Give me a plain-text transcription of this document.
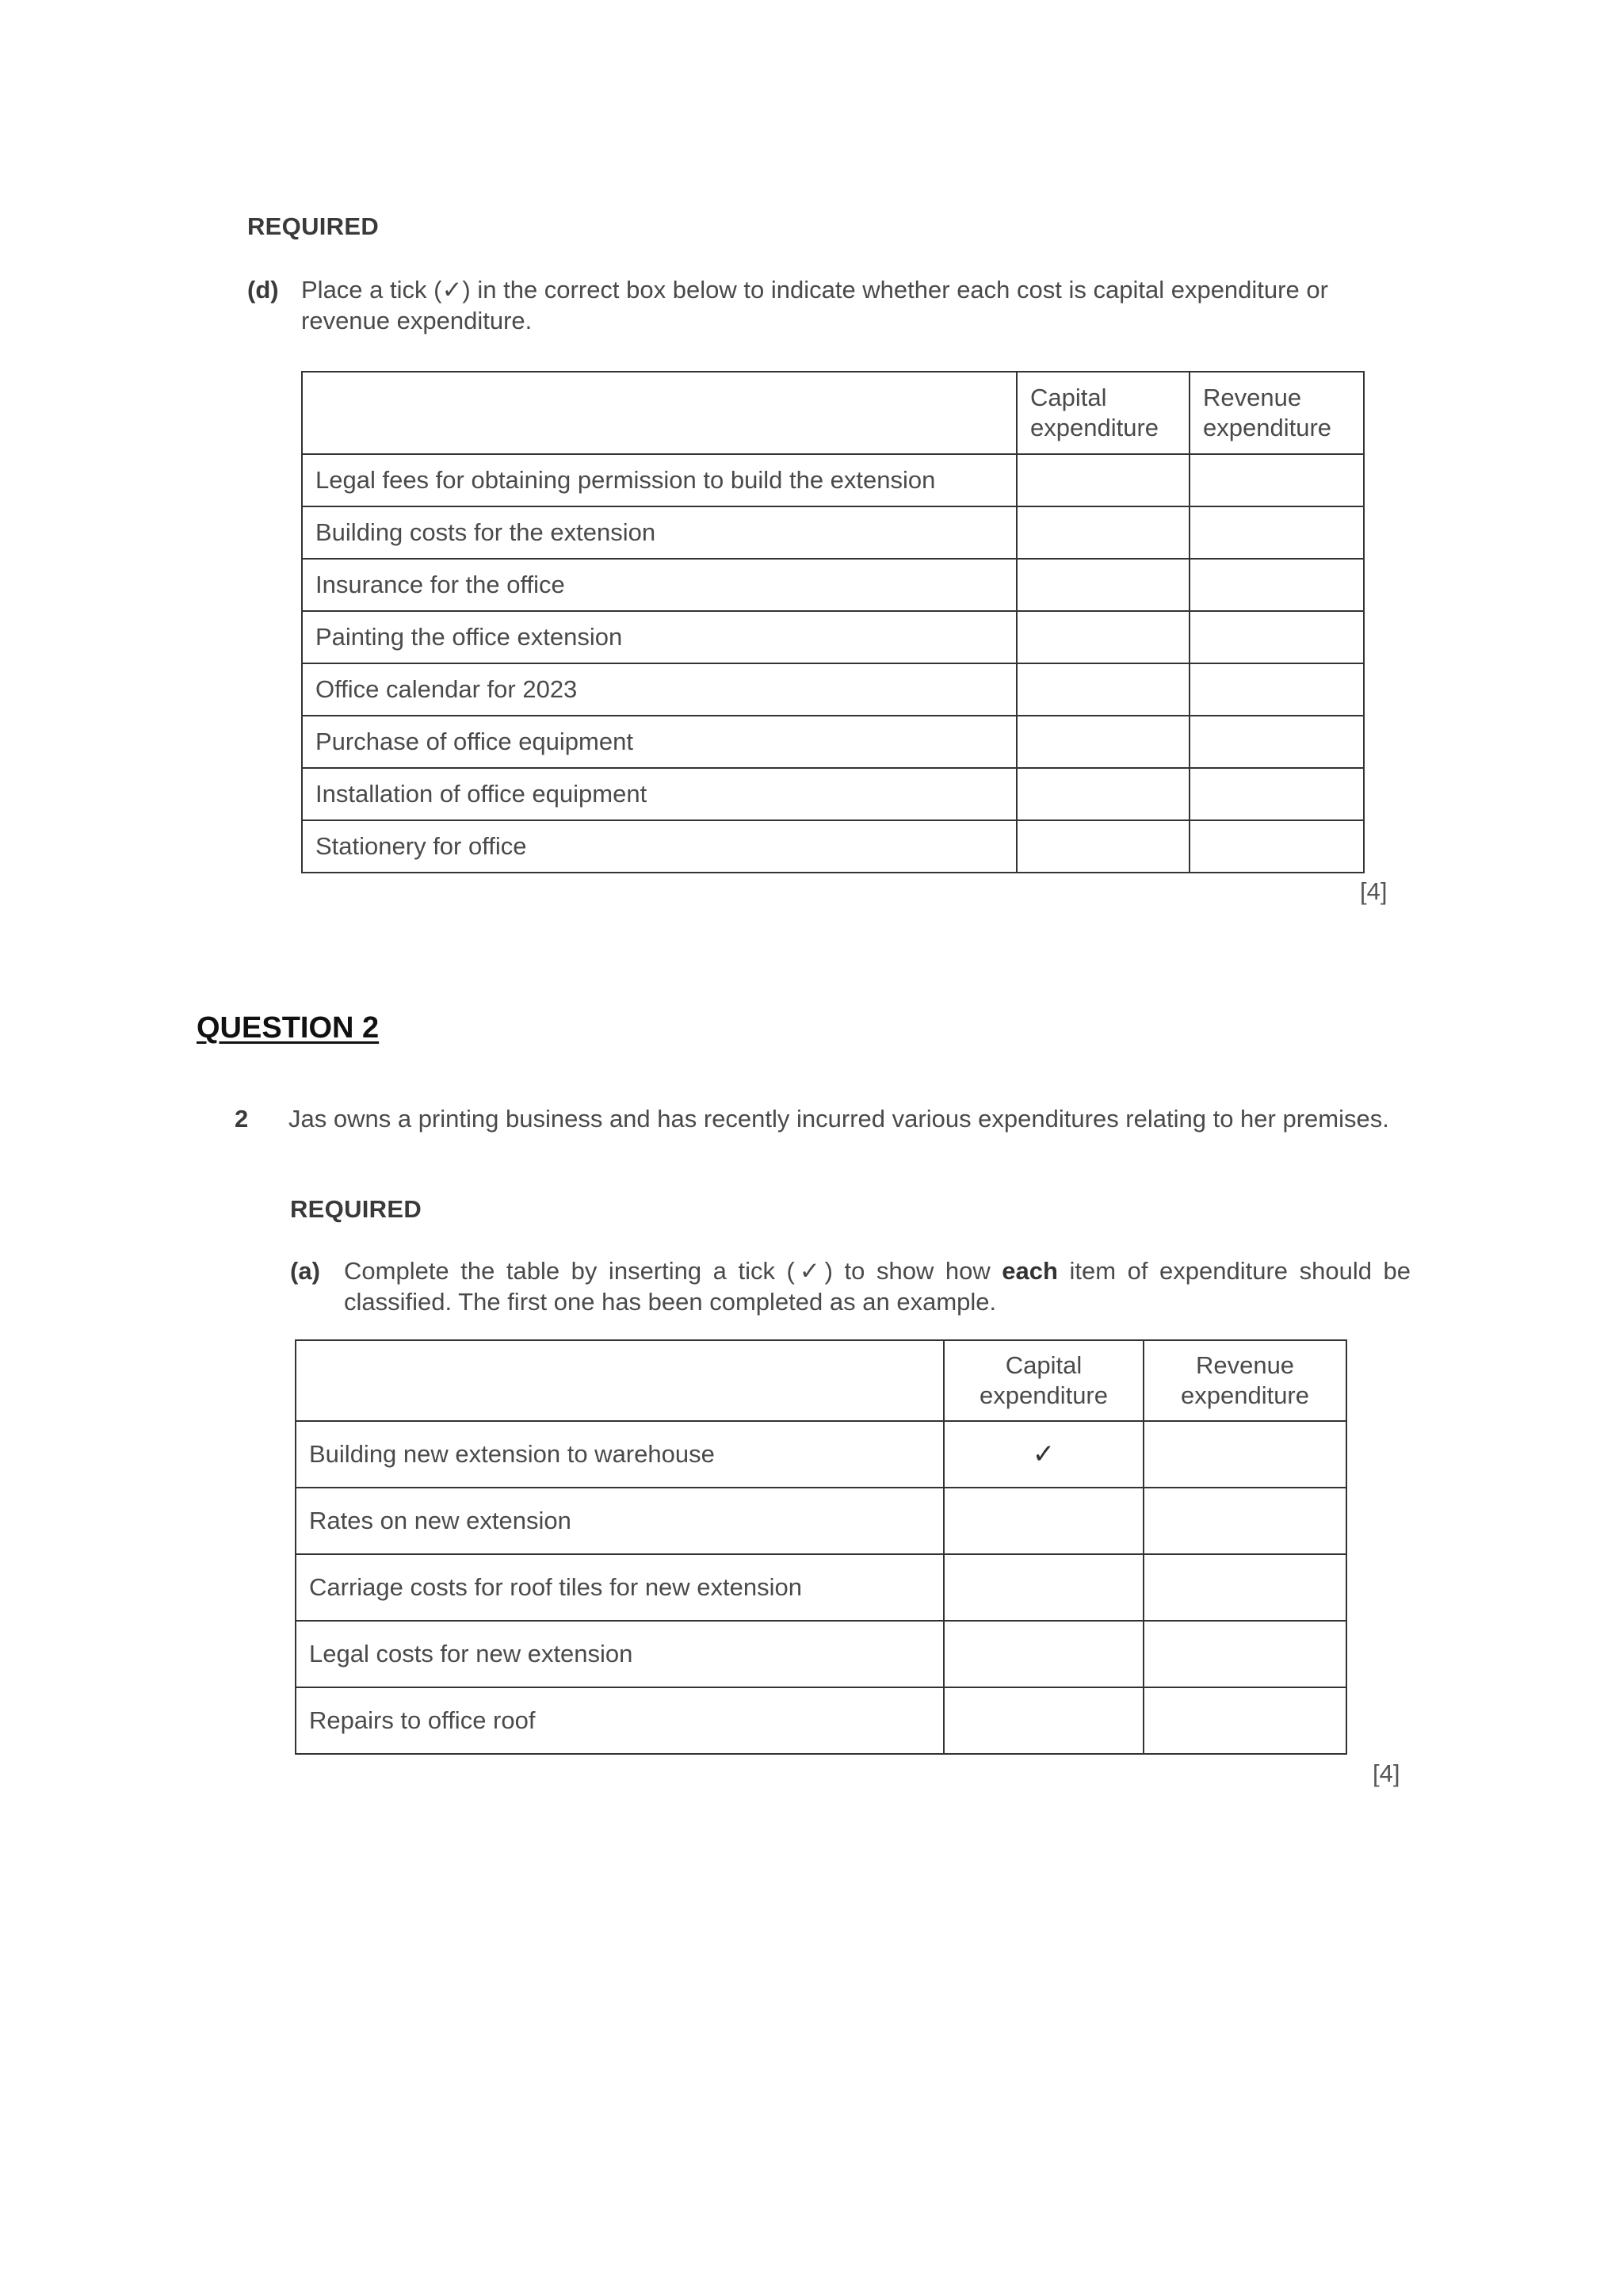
REQUIRED
(d) Place a tick (✓) in the correct box below to indicate whether each cost is capital expenditure or revenue expenditure.
	Capital expenditure	Revenue expenditure
Legal fees for obtaining permission to build the extension		
Building costs for the extension		
Insurance for the office		
Painting the office extension		
Office calendar for 2023		
Purchase of office equipment		
Installation of office equipment		
Stationery for office		
[4]
QUESTION 2
2	Jas owns a printing business and has recently incurred various expenditures relating to her premises.
REQUIRED
(a) Complete the table by inserting a tick (✓) to show how each item of expenditure should be classified. The first one has been completed as an example.
	Capital expenditure	Revenue expenditure
Building new extension to warehouse	✓	
Rates on new extension		
Carriage costs for roof tiles for new extension		
Legal costs for new extension		
Repairs to office roof		
[4]
